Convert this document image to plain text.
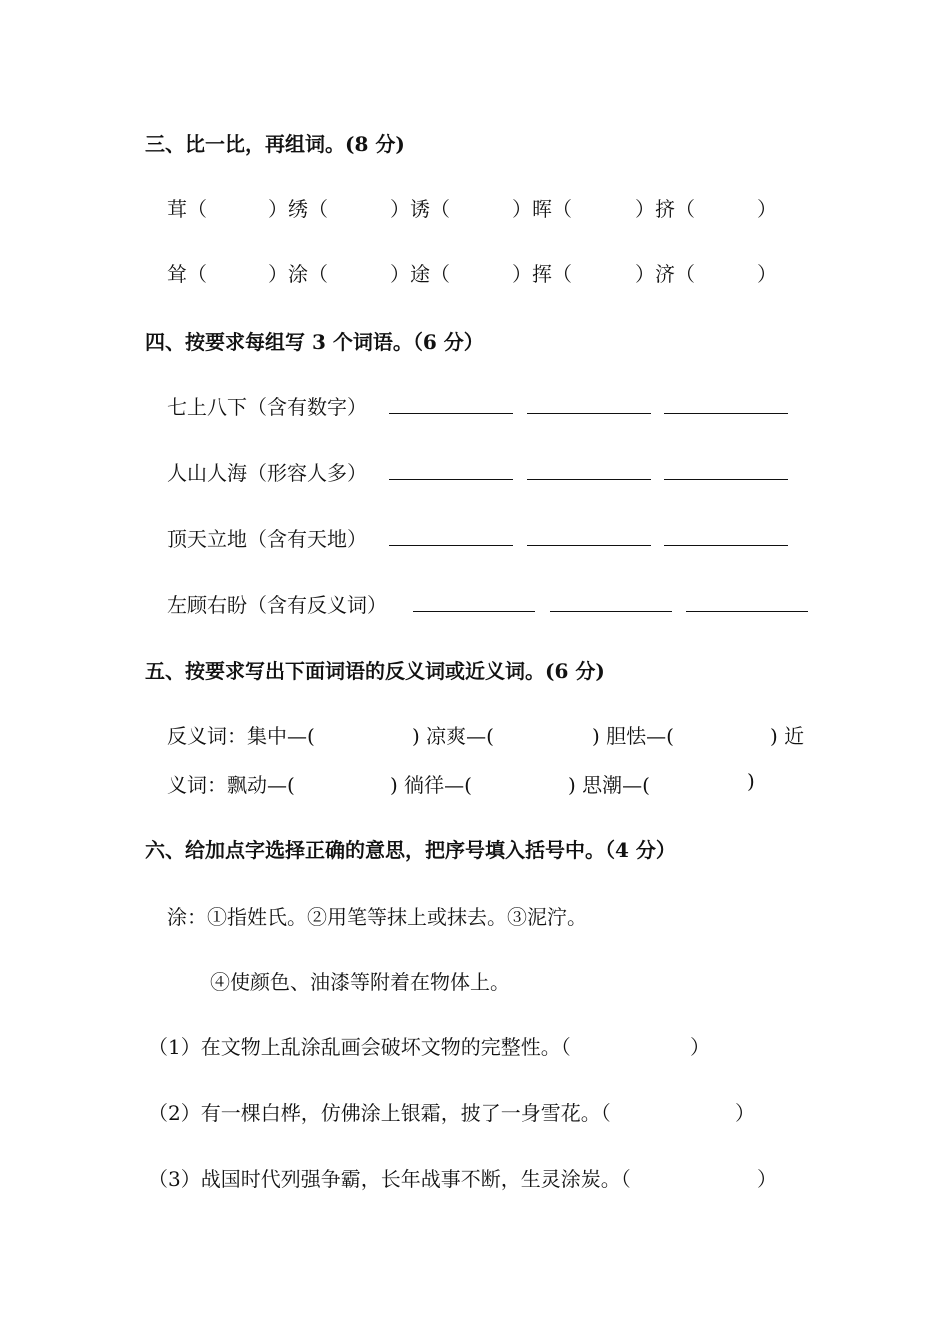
三、比一比，再组词。(8 分)
茸（	）绣（	）诱（	）晖（	）挤（	）
耸（	）涂（	）途（	）挥（	）济（	）
四、按要求每组写 3 个词语。（6 分）
七上八下（含有数字）
人山人海（形容人多）
顶天立地（含有天地）
左顾右盼（含有反义词）
五、按要求写出下面词语的反义词或近义词。(6 分)
反义词：集中—(	) 凉爽—(	) 胆怯—(	) 近
义词：飘动—(	) 徜徉—(	) 思潮—(	)
六、给加点字选择正确的意思，把序号填入括号中。（4 分）
涂：①指姓氏。②用笔等抹上或抹去。③泥泞。
④使颜色、油漆等附着在物体上。
（1）在文物上乱涂乱画会破坏文物的完整性。（	）
（2）有一棵白桦，仿佛涂上银霜，披了一身雪花。（	）
（3）战国时代列强争霸，长年战事不断，生灵涂炭。（	）
